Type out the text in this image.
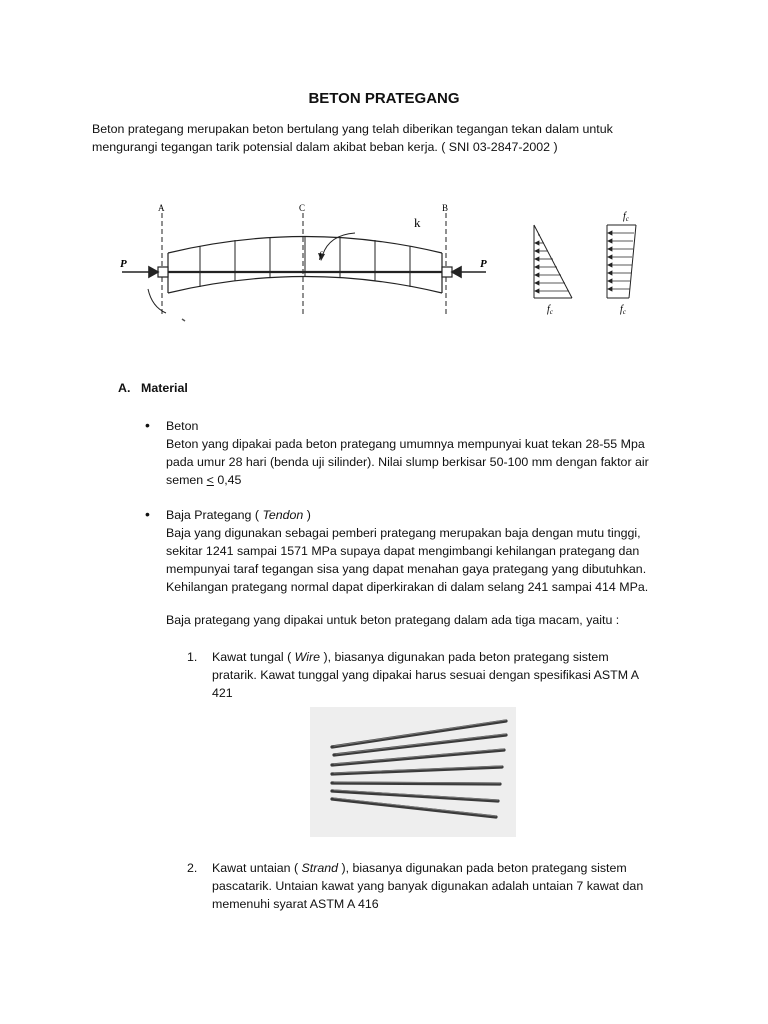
BETON PRATEGANG
Beton prategang merupakan beton bertulang yang telah diberikan tegangan tekan dalam untuk
mengurangi tegangan tarik potensial dalam akibat beban kerja. ( SNI 03-2847-2002 )
A	C	B
k
P	P
f
$f_c$
$f_c$
$f_c$
A. Material
• Beton
Beton yang dipakai pada beton prategang umumnya mempunyai kuat tekan 28-55 Mpa
pada umur 28 hari (benda uji silinder). Nilai slump berkisar 50-100 mm dengan faktor air
semen ≤ 0,45
• Baja Prategang ( Tendon )
Baja yang digunakan sebagai pemberi prategang merupakan baja dengan mutu tinggi,
sekitar 1241 sampai 1571 MPa supaya dapat mengimbangi kehilangan prategang dan
mempunyai taraf tegangan sisa yang dapat menahan gaya prategang yang dibutuhkan.
Kehilangan prategang normal dapat diperkirakan di dalam selang 241 sampai 414 MPa.
Baja prategang yang dipakai untuk beton prategang dalam ada tiga macam, yaitu :
1.	Kawat tungal ( Wire ), biasanya digunakan pada beton prategang sistem
pratarik. Kawat tunggal yang dipakai harus sesuai dengan spesifikasi ASTM A
421
2.	Kawat untaian ( Strand ), biasanya digunakan pada beton prategang sistem
pascatarik. Untaian kawat yang banyak digunakan adalah untaian 7 kawat dan
memenuhi syarat ASTM A 416
